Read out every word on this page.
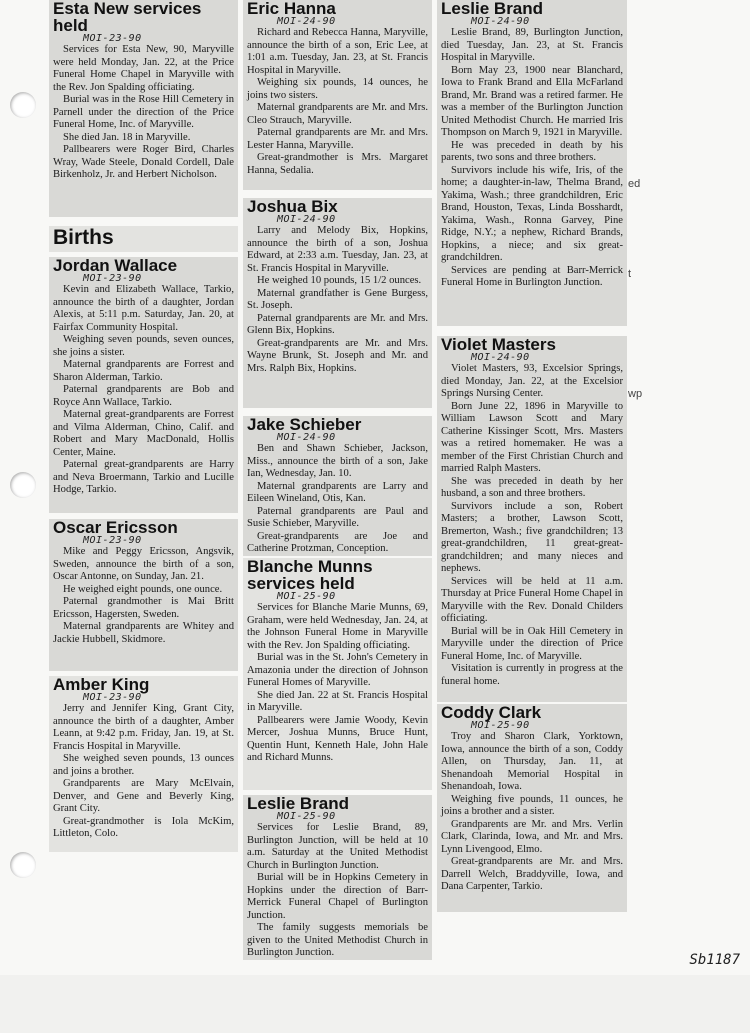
Esta New services held
MOI-23-90

Services for Esta New, 90, Maryville were held Monday, Jan. 22, at the Price Funeral Home Chapel in Maryville with the Rev. Jon Spalding officiating.

Burial was in the Rose Hill Cemetery in Parnell under the direction of the Price Funeral Home, Inc. of Maryville.

She died Jan. 18 in Maryville.

Pallbearers were Roger Bird, Charles Wray, Wade Steele, Donald Cordell, Dale Birkenholz, Jr. and Herbert Nicholson.

Births
Jordan Wallace
MOI-23-90

Kevin and Elizabeth Wallace, Tarkio, announce the birth of a daughter, Jordan Alexis, at 5:11 p.m. Saturday, Jan. 20, at Fairfax Community Hospital.

Weighing seven pounds, seven ounces, she joins a sister.

Maternal grandparents are Forrest and Sharon Alderman, Tarkio.

Paternal grandparents are Bob and Royce Ann Wallace, Tarkio.

Maternal great-grandparents are Forrest and Vilma Alderman, Chino, Calif. and Robert and Mary MacDonald, Hollis Center, Maine.

Paternal great-grandparents are Harry and Neva Broermann, Tarkio and Lucille Hodge, Tarkio.

Oscar Ericsson
MOI-23-90

Mike and Peggy Ericsson, Angsvik, Sweden, announce the birth of a son, Oscar Antonne, on Sunday, Jan. 21.

He weighed eight pounds, one ounce.

Paternal grandmother is Mai Britt Ericsson, Hagersten, Sweden.

Maternal grandparents are Whitey and Jackie Hubbell, Skidmore.

Amber King
MOI-23-90

Jerry and Jennifer King, Grant City, announce the birth of a daughter, Amber Leann, at 9:42 p.m. Friday, Jan. 19, at St. Francis Hospital in Maryville.

She weighed seven pounds, 13 ounces and joins a brother.

Grandparents are Mary McElvain, Denver, and Gene and Beverly King, Grant City.

Great-grandmother is Iola McKim, Littleton, Colo.

Eric Hanna
MOI-24-90

Richard and Rebecca Hanna, Maryville, announce the birth of a son, Eric Lee, at 1:01 a.m. Tuesday, Jan. 23, at St. Francis Hospital in Maryville.

Weighing six pounds, 14 ounces, he joins two sisters.

Maternal grandparents are Mr. and Mrs. Cleo Strauch, Maryville.

Paternal grandparents are Mr. and Mrs. Lester Hanna, Maryville.

Great-grandmother is Mrs. Margaret Hanna, Sedalia.

Joshua Bix
MOI-24-90

Larry and Melody Bix, Hopkins, announce the birth of a son, Joshua Edward, at 2:33 a.m. Tuesday, Jan. 23, at St. Francis Hospital in Maryville.

He weighed 10 pounds, 15 1/2 ounces.

Maternal grandfather is Gene Burgess, St. Joseph.

Paternal grandparents are Mr. and Mrs. Glenn Bix, Hopkins.

Great-grandparents are Mr. and Mrs. Wayne Brunk, St. Joseph and Mr. and Mrs. Ralph Bix, Hopkins.

Jake Schieber
MOI-24-90

Ben and Shawn Schieber, Jackson, Miss., announce the birth of a son, Jake Ian, Wednesday, Jan. 10.

Maternal grandparents are Larry and Eileen Wineland, Otis, Kan.

Paternal grandparents are Paul and Susie Schieber, Maryville.

Great-grandparents are Joe and Catherine Protzman, Conception.

Blanche Munns services held
MOI-25-90

Services for Blanche Marie Munns, 69, Graham, were held Wednesday, Jan. 24, at the Johnson Funeral Home in Maryville with the Rev. Jon Spalding officiating.

Burial was in the St. John's Cemetery in Amazonia under the direction of Johnson Funeral Homes of Maryville.

She died Jan. 22 at St. Francis Hospital in Maryville.

Pallbearers were Jamie Woody, Kevin Mercer, Joshua Munns, Bruce Hunt, Quentin Hunt, Kenneth Hale, John Hale and Richard Munns.

Leslie Brand
MOI-25-90

Services for Leslie Brand, 89, Burlington Junction, will be held at 10 a.m. Saturday at the United Methodist Church in Burlington Junction.

Burial will be in Hopkins Cemetery in Hopkins under the direction of Barr-Merrick Funeral Chapel of Burlington Junction.

The family suggests memorials be given to the United Methodist Church in Burlington Junction.

Leslie Brand
MOI-24-90

Leslie Brand, 89, Burlington Junction, died Tuesday, Jan. 23, at St. Francis Hospital in Maryville.

Born May 23, 1900 near Blanchard, Iowa to Frank Brand and Ella McFarland Brand, Mr. Brand was a retired farmer. He was a member of the Burlington Junction United Methodist Church. He married Iris Thompson on March 9, 1921 in Maryville.

He was preceded in death by his parents, two sons and three brothers.

Survivors include his wife, Iris, of the home; a daughter-in-law, Thelma Brand, Yakima, Wash.; three grandchildren, Eric Brand, Houston, Texas, Linda Bosshardt, Yakima, Wash., Ronna Garvey, Pine Ridge, N.Y.; a nephew, Richard Brands, Hopkins, a niece; and six great-grandchildren.

Services are pending at Barr-Merrick Funeral Home in Burlington Junction.

Violet Masters
MOI-24-90

Violet Masters, 93, Excelsior Springs, died Monday, Jan. 22, at the Excelsior Springs Nursing Center.

Born June 22, 1896 in Maryville to William Lawson Scott and Mary Catherine Kissinger Scott, Mrs. Masters was a retired homemaker. He was a member of the First Christian Church and married Ralph Masters.

She was preceded in death by her husband, a son and three brothers.

Survivors include a son, Robert Masters; a brother, Lawson Scott, Bremerton, Wash.; five grandchildren; 13 great-grandchildren, 11 great-great-grandchildren; and many nieces and nephews.

Services will be held at 11 a.m. Thursday at Price Funeral Home Chapel in Maryville with the Rev. Donald Childers officiating.

Burial will be in Oak Hill Cemetery in Maryville under the direction of Price Funeral Home, Inc. of Maryville.

Visitation is currently in progress at the funeral home.

Coddy Clark
MOI-25-90

Troy and Sharon Clark, Yorktown, Iowa, announce the birth of a son, Coddy Allen, on Thursday, Jan. 11, at Shenandoah Memorial Hospital in Shenandoah, Iowa.

Weighing five pounds, 11 ounces, he joins a brother and a sister.

Grandparents are Mr. and Mrs. Verlin Clark, Clarinda, Iowa, and Mr. and Mrs. Lynn Livengood, Elmo.

Great-grandparents are Mr. and Mrs. Darrell Welch, Braddyville, Iowa, and Dana Carpenter, Tarkio.

ed
t
wp
Sb1187
